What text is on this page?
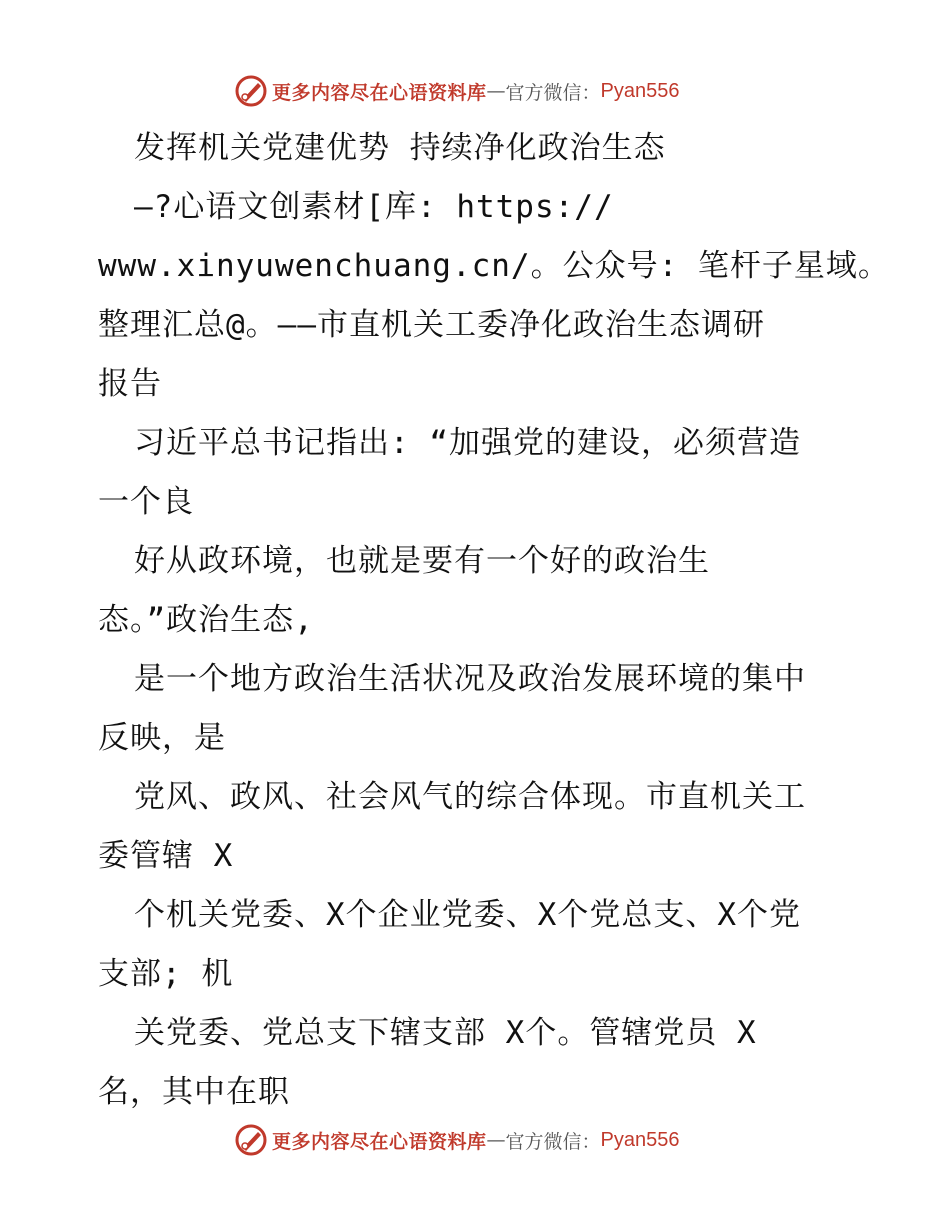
更多内容尽在心语资料库 — 官方微信： Pyan556
发挥机关党建优势 持续净化政治生态
—?心语文创素材[库: https://
www.xinyuwenchuang.cn/。公众号: 笔杆子星域。
整理汇总@。——市直机关工委净化政治生态调研
报告
习近平总书记指出: “加强党的建设，必须营造
一个良
好从政环境，也就是要有一个好的政治生
态。”政治生态,
是一个地方政治生活状况及政治发展环境的集中
反映，是
党风、政风、社会风气的综合体现。市直机关工
委管辖 X
个机关党委、X个企业党委、X个党总支、X个党
支部; 机
关党委、党总支下辖支部 X个。管辖党员 X
名，其中在职
更多内容尽在心语资料库 — 官方微信： Pyan556
